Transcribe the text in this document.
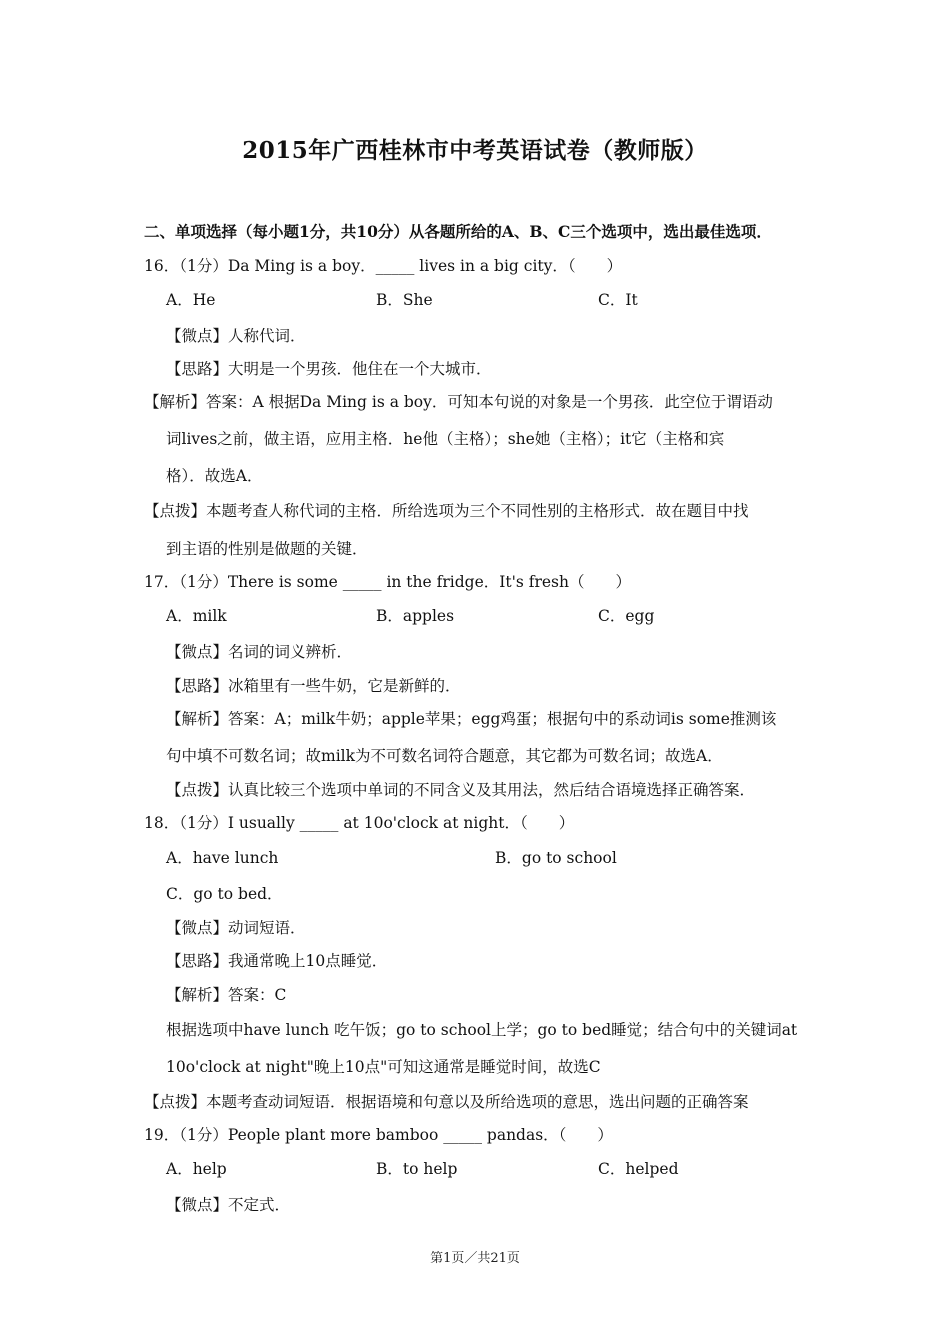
2015年广西桂林市中考英语试卷（教师版）
二、单项选择（每小题1分，共10分）从各题所给的A、B、C三个选项中，选出最佳选项．
16．（1分）Da Ming is a boy．_____ lives in a big city．（　　）
A．He	B．She	C．It
【微点】人称代词．
【思路】大明是一个男孩．他住在一个大城市．
【解析】答案：A 根据Da Ming is a boy．可知本句说的对象是一个男孩．此空位于谓语动
词lives之前，做主语，应用主格．he他（主格）；she她（主格）；it它（主格和宾
格）．故选A．
【点拨】本题考查人称代词的主格．所给选项为三个不同性别的主格形式．故在题目中找
到主语的性别是做题的关键．
17．（1分）There is some _____ in the fridge．It's fresh（　　）
A．milk	B．apples	C．egg
【微点】名词的词义辨析．
【思路】冰箱里有一些牛奶，它是新鲜的．
【解析】答案：A；milk牛奶；apple苹果；egg鸡蛋；根据句中的系动词is some推测该
句中填不可数名词；故milk为不可数名词符合题意，其它都为可数名词；故选A．
【点拨】认真比较三个选项中单词的不同含义及其用法，然后结合语境选择正确答案．
18．（1分）I usually _____ at 10o'clock at night．（　　）
A．have lunch	B．go to school
C．go to bed．
【微点】动词短语．
【思路】我通常晚上10点睡觉．
【解析】答案：C
根据选项中have lunch 吃午饭；go to school上学；go to bed睡觉；结合句中的关键词at
10o'clock at night"晚上10点"可知这通常是睡觉时间，故选C
【点拨】本题考查动词短语．根据语境和句意以及所给选项的意思，选出问题的正确答案
19．（1分）People plant more bamboo _____ pandas．（　　）
A．help	B．to help	C．helped
【微点】不定式．
第1页／共21页
